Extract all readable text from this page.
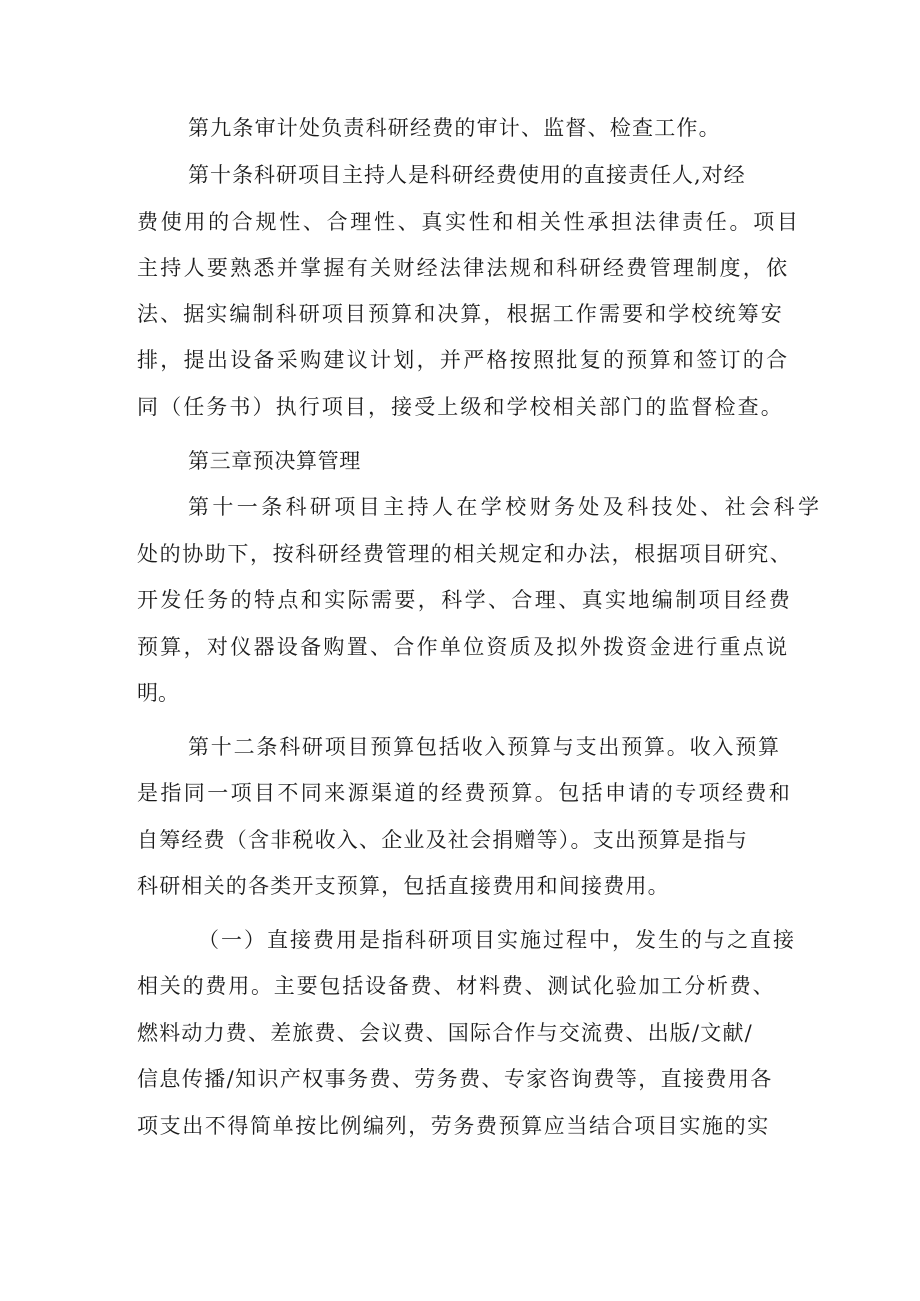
第九条审计处负责科研经费的审计、监督、检查工作。
第十条科研项目主持人是科研经费使用的直接责任人,对经
费使用的合规性、合理性、真实性和相关性承担法律责任。项目
主持人要熟悉并掌握有关财经法律法规和科研经费管理制度，依
法、据实编制科研项目预算和决算，根据工作需要和学校统筹安
排，提出设备采购建议计划，并严格按照批复的预算和签订的合
同（任务书）执行项目，接受上级和学校相关部门的监督检查。
第三章预决算管理
第十一条科研项目主持人在学校财务处及科技处、社会科学
处的协助下，按科研经费管理的相关规定和办法，根据项目研究、
开发任务的特点和实际需要，科学、合理、真实地编制项目经费
预算，对仪器设备购置、合作单位资质及拟外拨资金进行重点说
明。
第十二条科研项目预算包括收入预算与支出预算。收入预算
是指同一项目不同来源渠道的经费预算。包括申请的专项经费和
自筹经费（含非税收入、企业及社会捐赠等）。支出预算是指与
科研相关的各类开支预算，包括直接费用和间接费用。
（一）直接费用是指科研项目实施过程中，发生的与之直接
相关的费用。主要包括设备费、材料费、测试化验加工分析费、
燃料动力费、差旅费、会议费、国际合作与交流费、出版/文献/
信息传播/知识产权事务费、劳务费、专家咨询费等，直接费用各
项支出不得简单按比例编列，劳务费预算应当结合项目实施的实
